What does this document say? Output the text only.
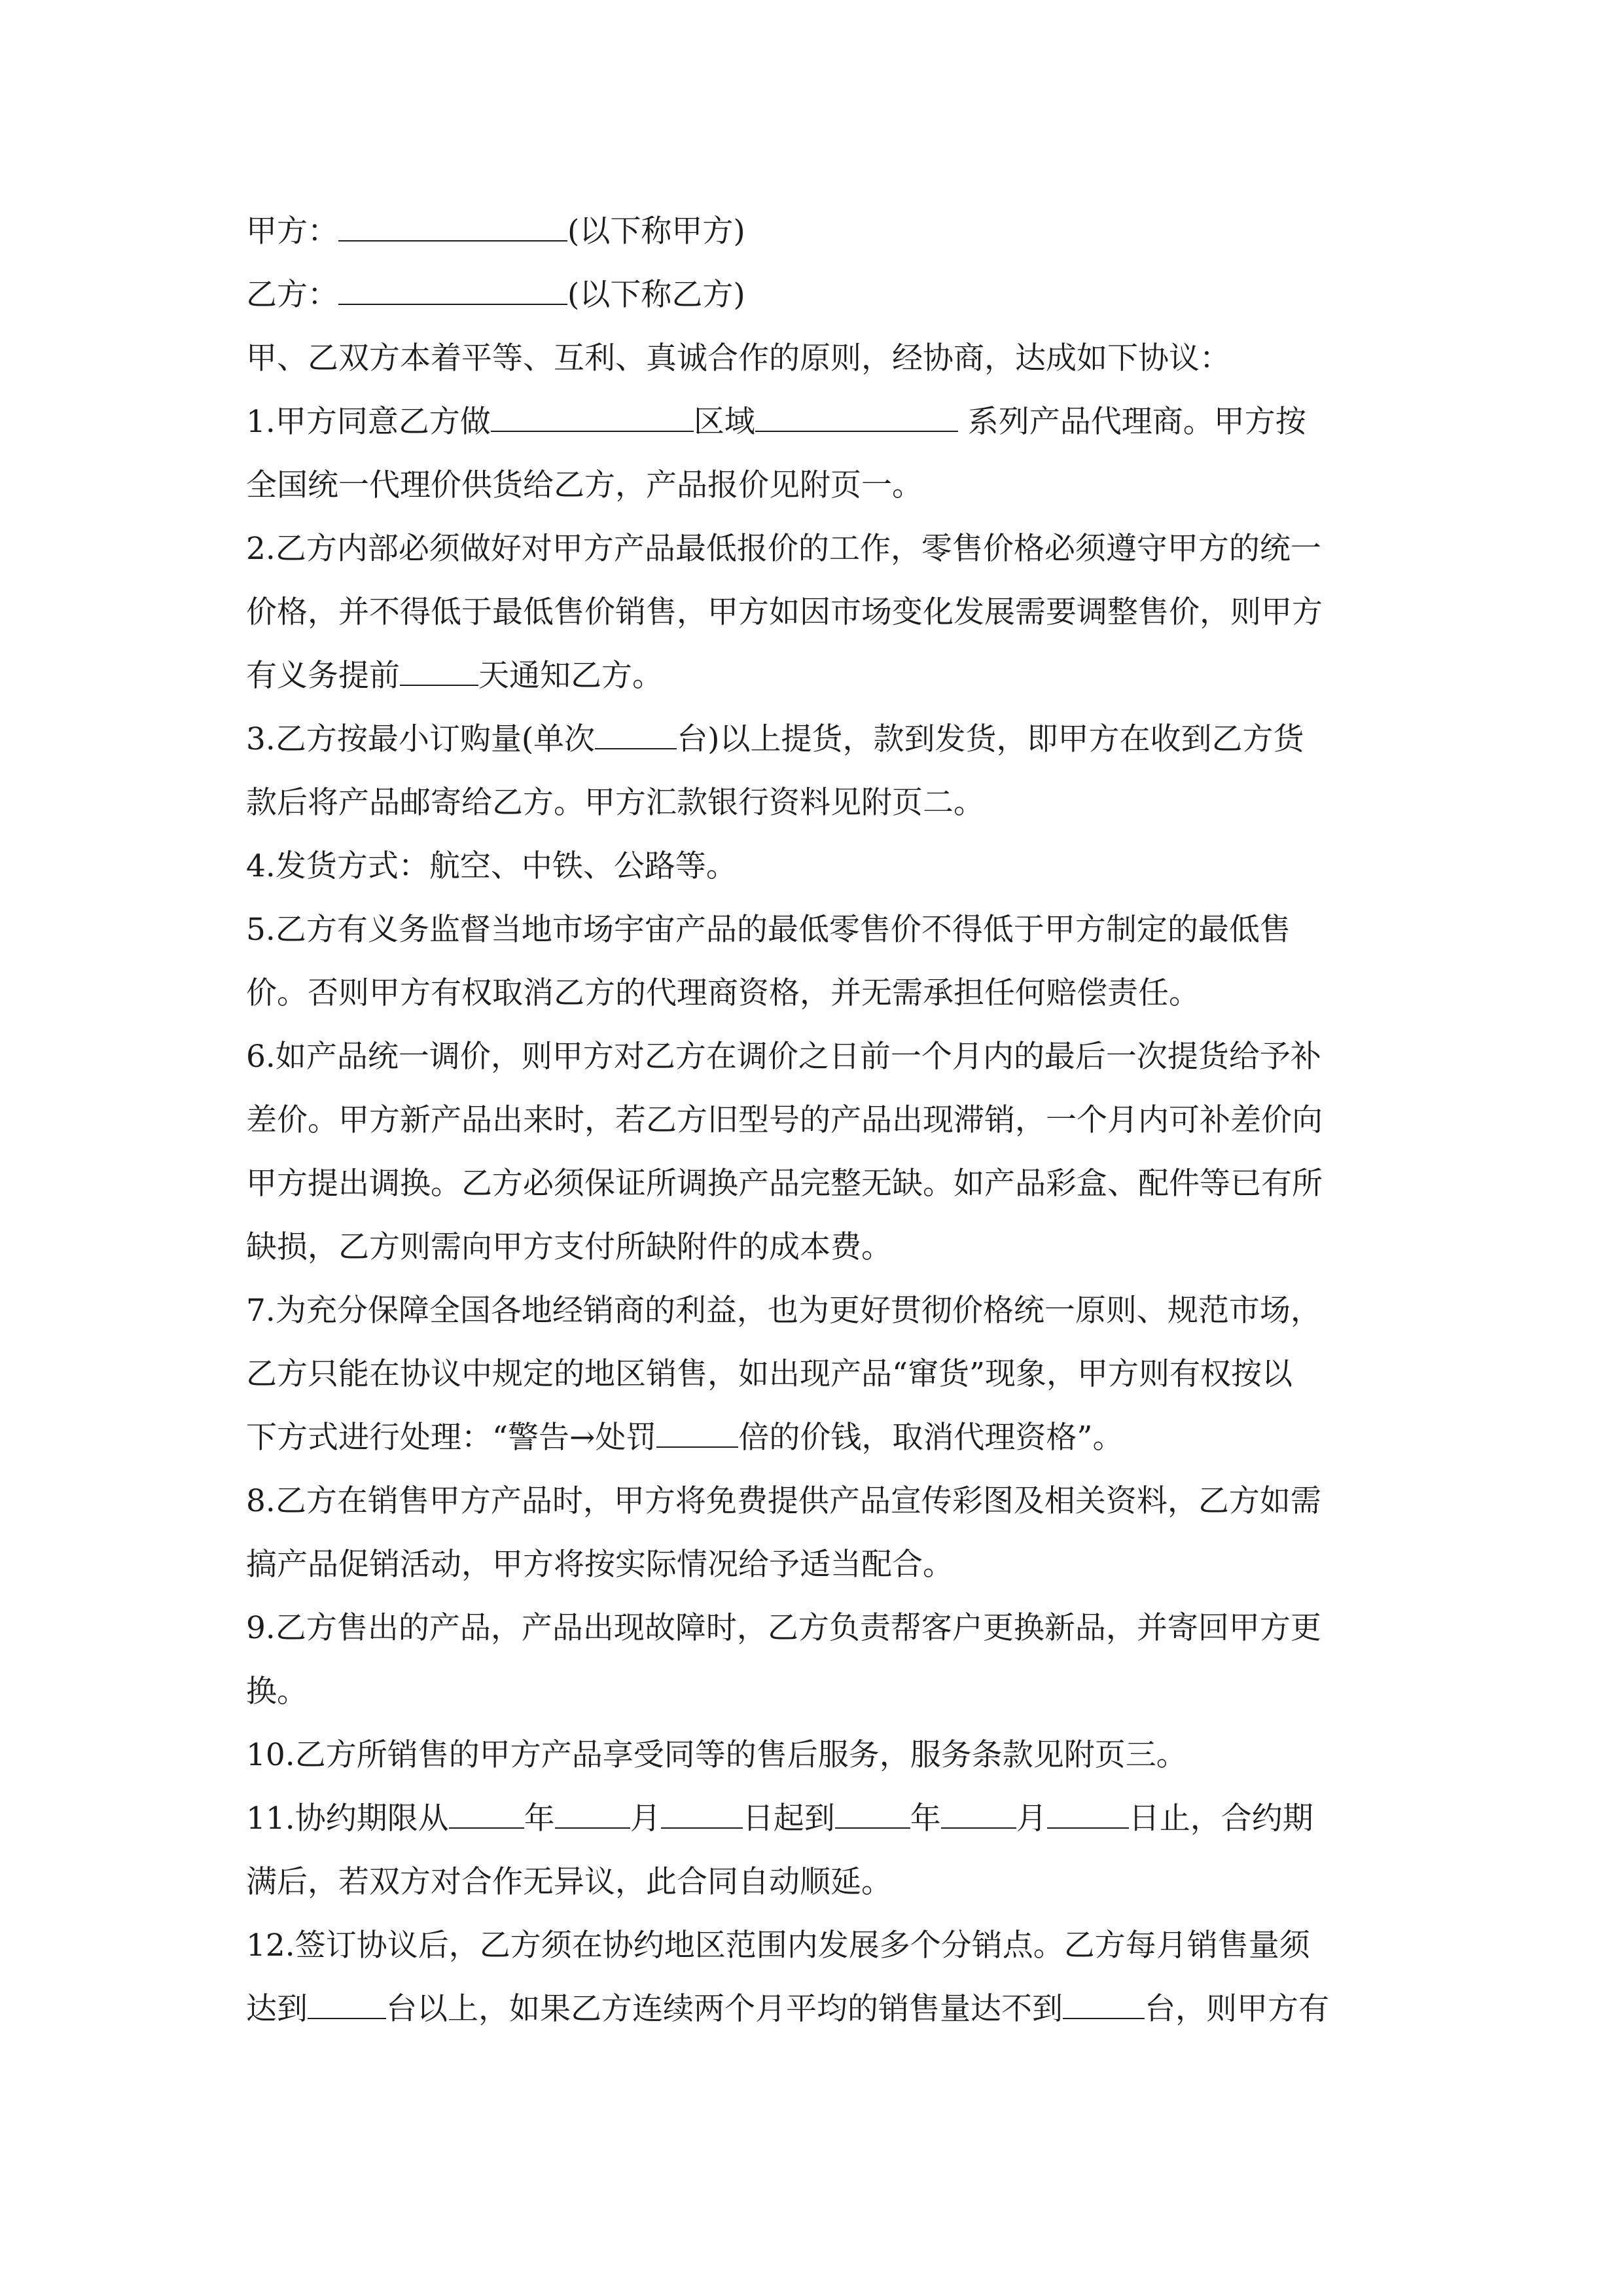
甲方：	(以下称甲方)
乙方：	(以下称乙方)
甲、乙双方本着平等、互利、真诚合作的原则，经协商，达成如下协议：
1.甲方同意乙方做	区域	系列产品代理商。甲方按
全国统一代理价供货给乙方，产品报价见附页一。
2.乙方内部必须做好对甲方产品最低报价的工作，零售价格必须遵守甲方的统一
价格，并不得低于最低售价销售，甲方如因市场变化发展需要调整售价，则甲方
有义务提前	天通知乙方。
3.乙方按最小订购量(单次	台)以上提货，款到发货，即甲方在收到乙方货
款后将产品邮寄给乙方。甲方汇款银行资料见附页二。
4.发货方式：航空、中铁、公路等。
5.乙方有义务监督当地市场宇宙产品的最低零售价不得低于甲方制定的最低售
价。否则甲方有权取消乙方的代理商资格，并无需承担任何赔偿责任。
6.如产品统一调价，则甲方对乙方在调价之日前一个月内的最后一次提货给予补
差价。甲方新产品出来时，若乙方旧型号的产品出现滞销，一个月内可补差价向
甲方提出调换。乙方必须保证所调换产品完整无缺。如产品彩盒、配件等已有所
缺损，乙方则需向甲方支付所缺附件的成本费。
7.为充分保障全国各地经销商的利益，也为更好贯彻价格统一原则、规范市场，
乙方只能在协议中规定的地区销售，如出现产品“窜货”现象，甲方则有权按以
下方式进行处理：“警告→处罚	倍的价钱，取消代理资格”。
8.乙方在销售甲方产品时，甲方将免费提供产品宣传彩图及相关资料，乙方如需
搞产品促销活动，甲方将按实际情况给予适当配合。
9.乙方售出的产品，产品出现故障时，乙方负责帮客户更换新品，并寄回甲方更
换。
10.乙方所销售的甲方产品享受同等的售后服务，服务条款见附页三。
11.协约期限从 年 月	日起到 年 月	日止，合约期
满后，若双方对合作无异议，此合同自动顺延。
12.签订协议后，乙方须在协约地区范围内发展多个分销点。乙方每月销售量须
达到	台以上，如果乙方连续两个月平均的销售量达不到	台，则甲方有
